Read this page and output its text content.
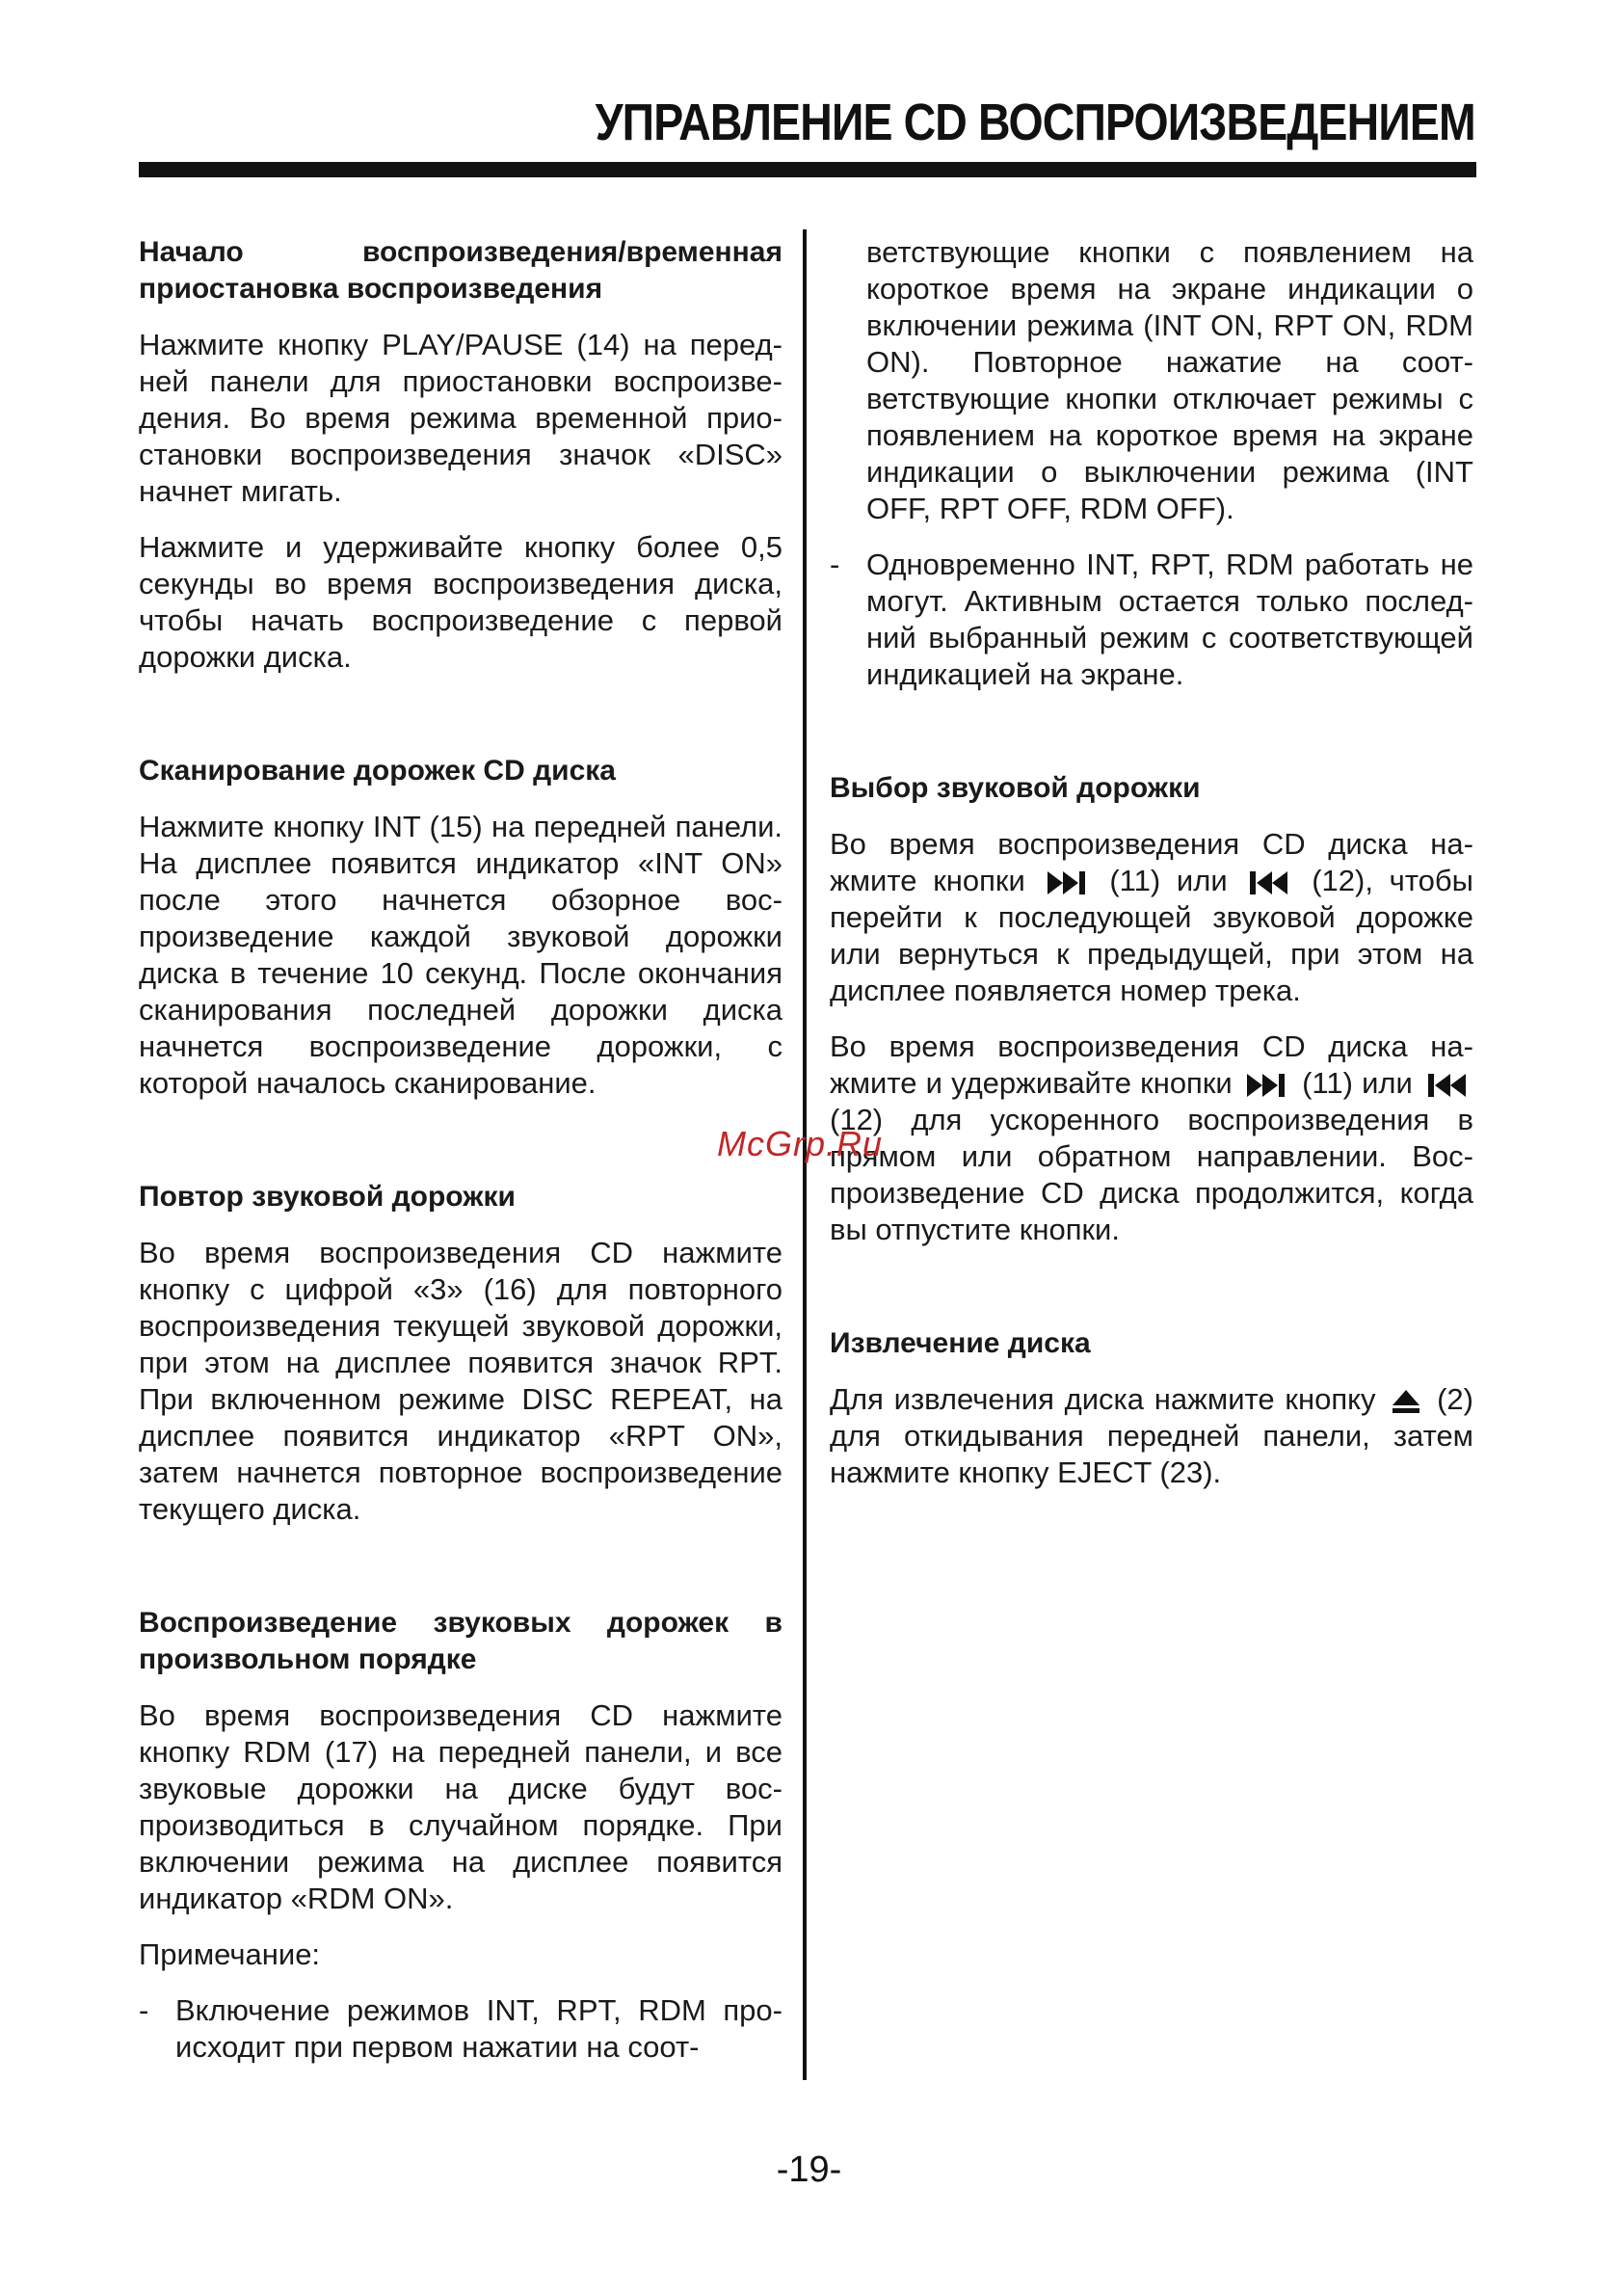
УПРАВЛЕНИЕ CD ВОСПРОИЗВЕДЕНИЕМ

Начало воспроизведения/временная приостановка воспроизведения

Нажмите кнопку PLAY/PAUSE (14) на передней панели для приостановки воспроизведения. Во время режима временной приостановки воспроизведения значок «DISC» начнет мигать.

Нажмите и удерживайте кнопку более 0,5 секунды во время воспроизведения диска, чтобы начать воспроизведение с первой дорожки диска.

Сканирование дорожек CD диска

Нажмите кнопку INT (15) на передней панели. На дисплее появится индикатор «INT ON» после этого начнется обзорное воспроизведение каждой звуковой дорожки диска в течение 10 секунд. После окончания сканирования последней дорожки диска начнется воспроизведение дорожки, с которой началось сканирование.

Повтор звуковой дорожки

Во время воспроизведения CD нажмите кнопку с цифрой «3» (16) для повторного воспроизведения текущей звуковой дорожки, при этом на дисплее появится значок RPT. При включенном режиме DISC REPEAT, на дисплее появится индикатор «RPT ON», затем начнется повторное воспроизведение текущего диска.

Воспроизведение звуковых дорожек в произвольном порядке

Во время воспроизведения CD нажмите кнопку RDM (17) на передней панели, и все звуковые дорожки на диске будут воспроизводиться в случайном порядке. При включении режима на дисплее появится индикатор «RDM ON».

Примечание:

- Включение режимов INT, RPT, RDM происходит при первом нажатии на соот-

ветствующие кнопки с появлением на короткое время на экране индикации о включении режима (INT ON, RPT ON, RDM ON). Повторное нажатие на соответствующие кнопки отключает режимы с появлением на короткое время на экране индикации о выключении режима (INT OFF, RPT OFF, RDM OFF).

- Одновременно INT, RPT, RDM работать не могут. Активным остается только последний выбранный режим с соответствующей индикацией на экране.

Выбор звуковой дорожки

Во время воспроизведения CD диска нажмите кнопки	(11) или	(12), чтобы перейти к последующей звуковой дорожке или вернуться к предыдущей, при этом на дисплее появляется номер трека.

Во время воспроизведения CD диска нажмите и удерживайте кнопки (11) или
(12) для ускоренного воспроизведения в прямом или обратном направлении. Воспроизведение CD диска продолжится, когда вы отпустите кнопки.

Извлечение диска

Для извлечения диска нажмите кнопку (2) для откидывания передней панели, затем нажмите кнопку EJECT (23).

McGrp.Ru
-19-
